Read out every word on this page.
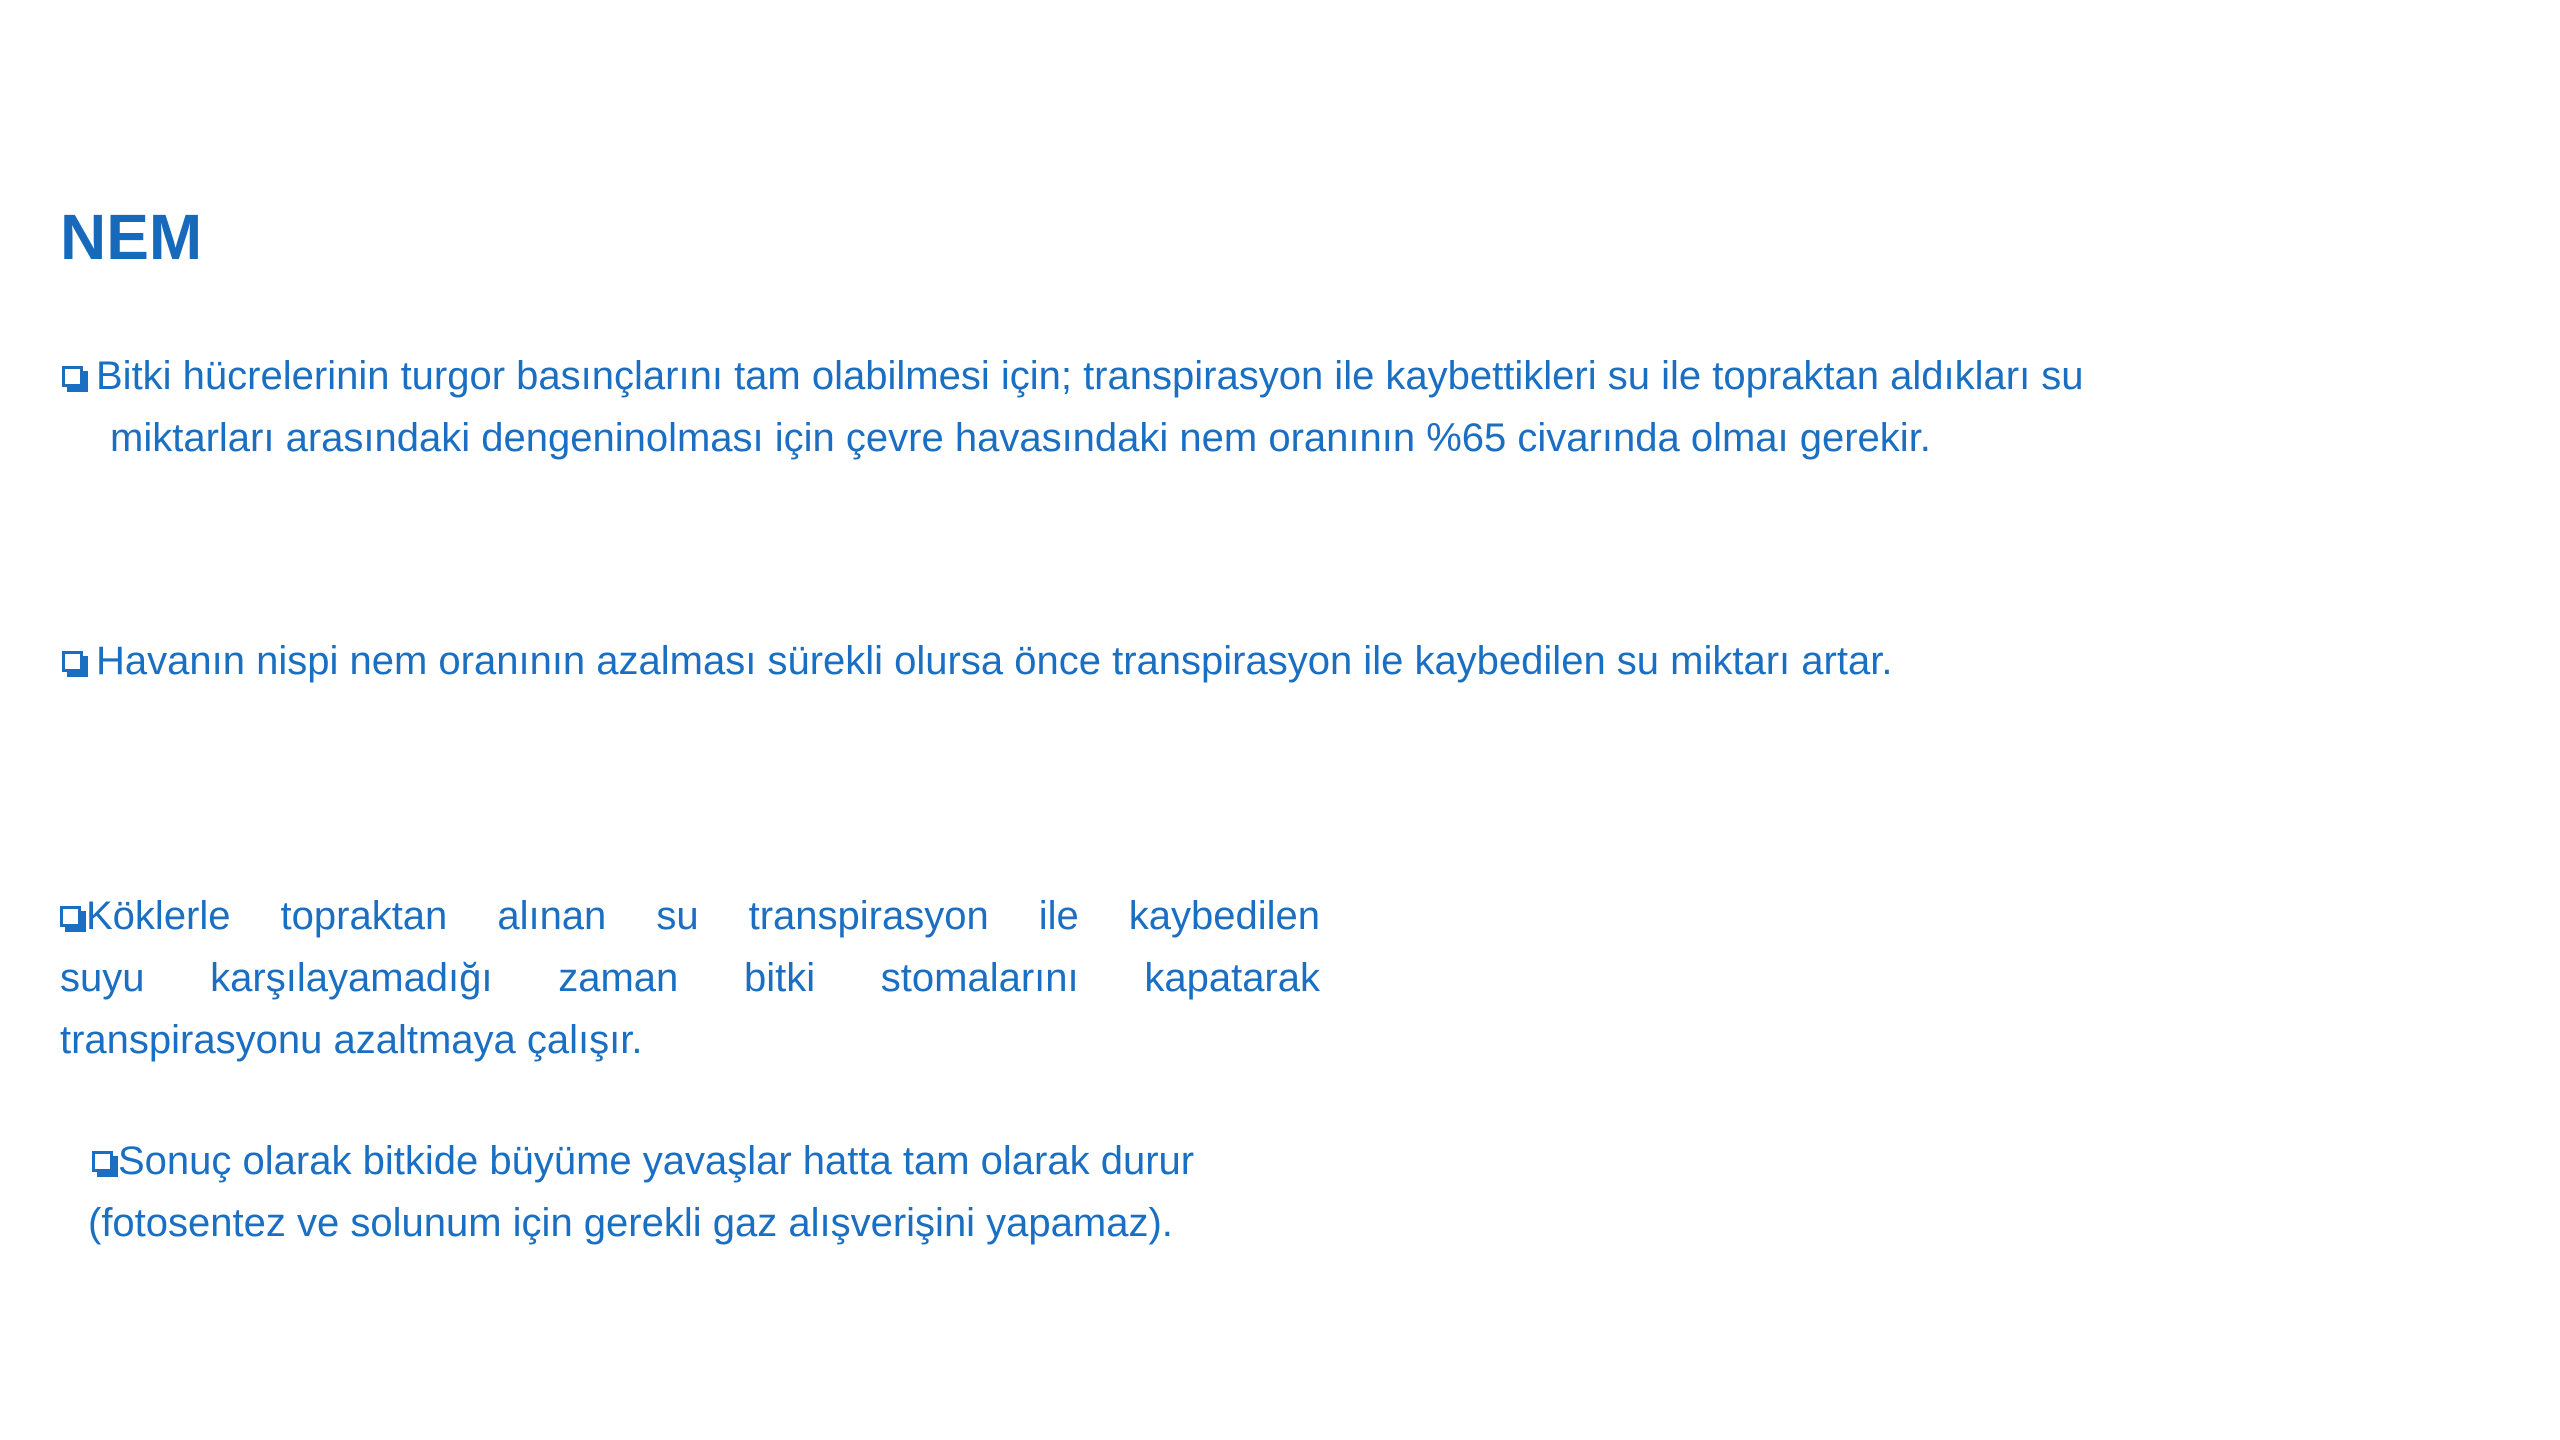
NEM
Bitki hücrelerinin turgor basınçlarını tam olabilmesi için; transpirasyon ile kaybettikleri su ile topraktan aldıkları su
miktarları arasındaki dengeninolması için çevre havasındaki nem oranının %65 civarında olmaı gerekir.
Havanın nispi nem oranının azalması sürekli olursa önce transpirasyon ile kaybedilen su miktarı artar.
Köklerle topraktan alınan su transpirasyon ile kaybedilen
suyu karşılayamadığı zaman bitki stomalarını kapatarak
transpirasyonu azaltmaya çalışır.
Sonuç olarak bitkide büyüme yavaşlar hatta tam olarak durur
(fotosentez ve solunum için gerekli gaz alışverişini yapamaz).
